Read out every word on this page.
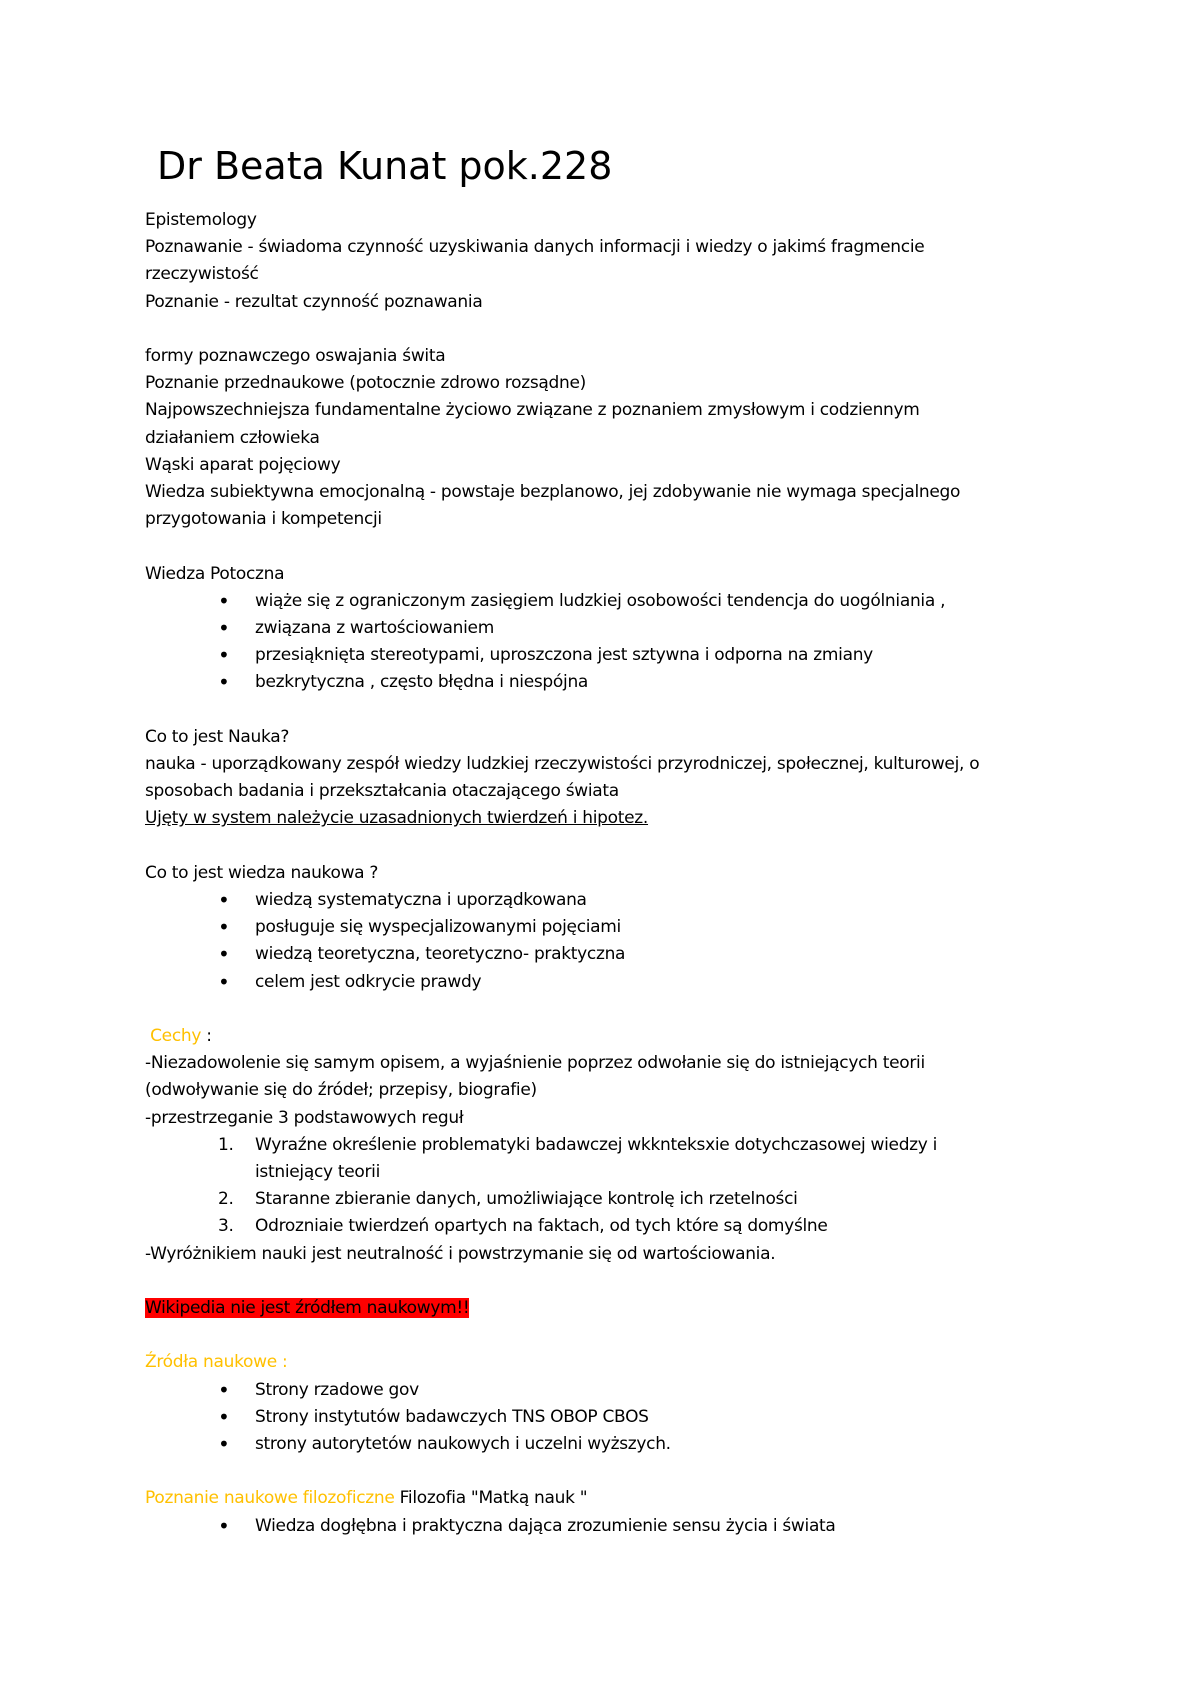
Dr Beata Kunat pok.228

Epistemology

Poznawanie - świadoma czynność uzyskiwania danych informacji i wiedzy o jakimś fragmencie

rzeczywistość

Poznanie - rezultat czynność poznawania

formy poznawczego oswajania świta

Poznanie przednaukowe (potocznie zdrowo rozsądne)

Najpowszechniejsza fundamentalne życiowo związane z poznaniem zmysłowym i codziennym

działaniem człowieka

Wąski aparat pojęciowy

Wiedza subiektywna emocjonalną - powstaje bezplanowo, jej zdobywanie nie wymaga specjalnego

przygotowania i kompetencji

Wiedza Potoczna

• wiąże się z ograniczonym zasięgiem ludzkiej osobowości tendencja do uogólniania ,
• związana z wartościowaniem
• przesiąknięta stereotypami, uproszczona jest sztywna i odporna na zmiany
• bezkrytyczna , często błędna i niespójna

Co to jest Nauka?

nauka - uporządkowany zespół wiedzy ludzkiej rzeczywistości przyrodniczej, społecznej, kulturowej, o

sposobach badania i przekształcania otaczającego świata

Ujęty w system należycie uzasadnionych twierdzeń i hipotez.

Co to jest wiedza naukowa ?

• wiedzą systematyczna i uporządkowana
• posługuje się wyspecjalizowanymi pojęciami
• wiedzą teoretyczna, teoretyczno- praktyczna
• celem jest odkrycie prawdy

Cechy :

-Niezadowolenie się samym opisem, a wyjaśnienie poprzez odwołanie się do istniejących teorii

(odwoływanie się do źródeł; przepisy, biografie)

-przestrzeganie 3 podstawowych reguł

1. Wyraźne określenie problematyki badawczej wkknteksxie dotychczasowej wiedzy i
istniejący teorii
2. Staranne zbieranie danych, umożliwiające kontrolę ich rzetelności
3. Odrozniaie twierdzeń opartych na faktach, od tych które są domyślne

-Wyróżnikiem nauki jest neutralność i powstrzymanie się od wartościowania.

Wikipedia nie jest źródłem naukowym!!

Źródła naukowe :

• Strony rzadowe gov
• Strony instytutów badawczych TNS OBOP CBOS
• strony autorytetów naukowych i uczelni wyższych.

Poznanie naukowe filozoficzne Filozofia "Matką nauk "

• Wiedza dogłębna i praktyczna dająca zrozumienie sensu życia i świata
